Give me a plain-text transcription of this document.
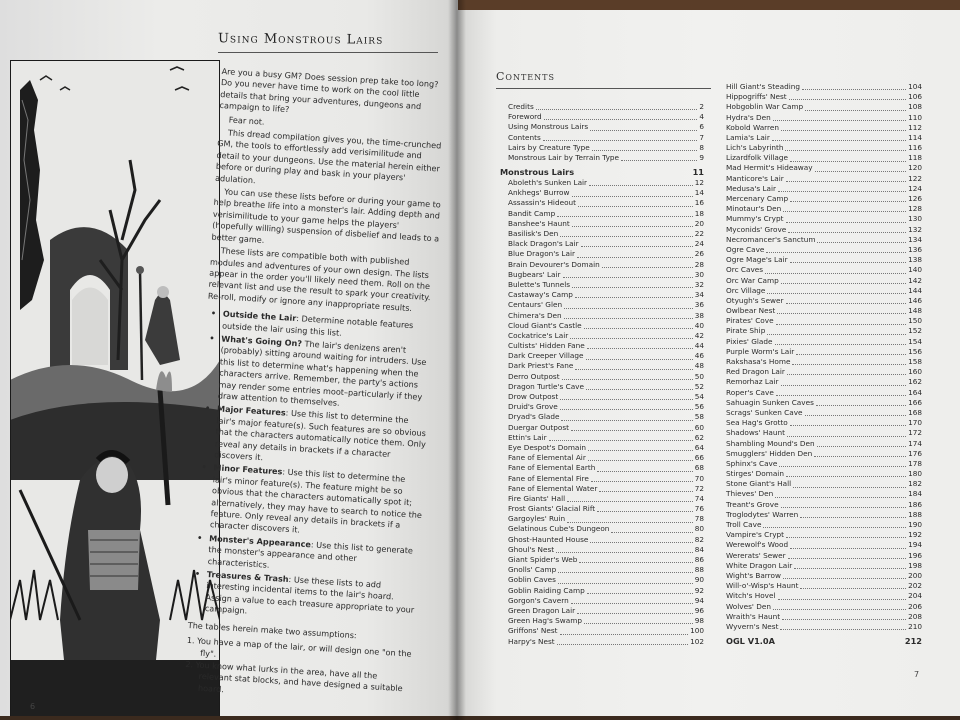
Using Monstrous Lairs

Are you a busy GM? Does session prep take too long? Do you never have time to work on the cool little details that bring your adventures, dungeons and campaign to life?

Fear not.

This dread compilation gives you, the time-crunched GM, the tools to effortlessly add verisimilitude and detail to your dungeons. Use the material herein either before or during play and bask in your players' adulation.

You can use these lists before or during your game to help breathe life into a monster's lair. Adding depth and verisimilitude to your game helps the players' (hopefully willing) suspension of disbelief and leads to a better game.

These lists are compatible both with published modules and adventures of your own design. The lists appear in the order you'll likely need them. Roll on the relevant list and use the result to spark your creativity. Re-roll, modify or ignore any inappropriate results.

• Outside the Lair: Determine notable features outside the lair using this list.
• What's Going On? The lair's denizens aren't (probably) sitting around waiting for intruders. Use this list to determine what's happening when the characters arrive. Remember, the party's actions may render some entries moot–particularly if they draw attention to themselves.
• Major Features: Use this list to determine the lair's major feature(s). Such features are so obvious that the characters automatically notice them. Only reveal any details in brackets if a character discovers it.
• Minor Features: Use this list to determine the lair's minor feature(s). The feature might be so obvious that the characters automatically spot it; alternatively, they may have to search to notice the feature. Only reveal any details in brackets if a character discovers it.
• Monster's Appearance: Use this list to generate the monster's appearance and other characteristics.
• Treasures & Trash: Use these lists to add interesting incidental items to the lair's hoard. Assign a value to each treasure appropriate to your campaign.

The tables herein make two assumptions:

1. You have a map of the lair, or will design one "on the fly".
2. You know what lurks in the area, have all the relevant stat blocks, and have designed a suitable hoard.
6
Contents
Credits	2
Foreword	4
Using Monstrous Lairs	6
Contents	7
Lairs by Creature Type	8
Monstrous Lair by Terrain Type	9
Monstrous Lairs	11
Aboleth's Sunken Lair	12
Ankhegs' Burrow	14
Assassin's Hideout	16
Bandit Camp	18
Banshee's Haunt	20
Basilisk's Den	22
Black Dragon's Lair	24
Blue Dragon's Lair	26
Brain Devourer's Domain	28
Bugbears' Lair	30
Bulette's Tunnels	32
Castaway's Camp	34
Centaurs' Glen	36
Chimera's Den	38
Cloud Giant's Castle	40
Cockatrice's Lair	42
Cultists' Hidden Fane	44
Dark Creeper Village	46
Dark Priest's Fane	48
Derro Outpost	50
Dragon Turtle's Cave	52
Drow Outpost	54
Druid's Grove	56
Dryad's Glade	58
Duergar Outpost	60
Ettin's Lair	62
Eye Despot's Domain	64
Fane of Elemental Air	66
Fane of Elemental Earth	68
Fane of Elemental Fire	70
Fane of Elemental Water	72
Fire Giants' Hall	74
Frost Giants' Glacial Rift	76
Gargoyles' Ruin	78
Gelatinous Cube's Dungeon	80
Ghost-Haunted House	82
Ghoul's Nest	84
Giant Spider's Web	86
Gnolls' Camp	88
Goblin Caves	90
Goblin Raiding Camp	92
Gorgon's Cavern	94
Green Dragon Lair	96
Green Hag's Swamp	98
Griffons' Nest	100
Harpy's Nest	102
Hill Giant's Steading	104
Hippogriffs' Nest	106
Hobgoblin War Camp	108
Hydra's Den	110
Kobold Warren	112
Lamia's Lair	114
Lich's Labyrinth	116
Lizardfolk Village	118
Mad Hermit's Hideaway	120
Manticore's Lair	122
Medusa's Lair	124
Mercenary Camp	126
Minotaur's Den	128
Mummy's Crypt	130
Myconids' Grove	132
Necromancer's Sanctum	134
Ogre Cave	136
Ogre Mage's Lair	138
Orc Caves	140
Orc War Camp	142
Orc Village	144
Otyugh's Sewer	146
Owlbear Nest	148
Pirates' Cove	150
Pirate Ship	152
Pixies' Glade	154
Purple Worm's Lair	156
Rakshasa's Home	158
Red Dragon Lair	160
Remorhaz Lair	162
Roper's Cave	164
Sahuagin Sunken Caves	166
Scrags' Sunken Cave	168
Sea Hag's Grotto	170
Shadows' Haunt	172
Shambling Mound's Den	174
Smugglers' Hidden Den	176
Sphinx's Cave	178
Stirges' Domain	180
Stone Giant's Hall	182
Thieves' Den	184
Treant's Grove	186
Troglodytes' Warren	188
Troll Cave	190
Vampire's Crypt	192
Werewolf's Wood	194
Wererats' Sewer	196
White Dragon Lair	198
Wight's Barrow	200
Will-o'-Wisp's Haunt	202
Witch's Hovel	204
Wolves' Den	206
Wraith's Haunt	208
Wyvern's Nest	210
OGL V1.0A	212
7
